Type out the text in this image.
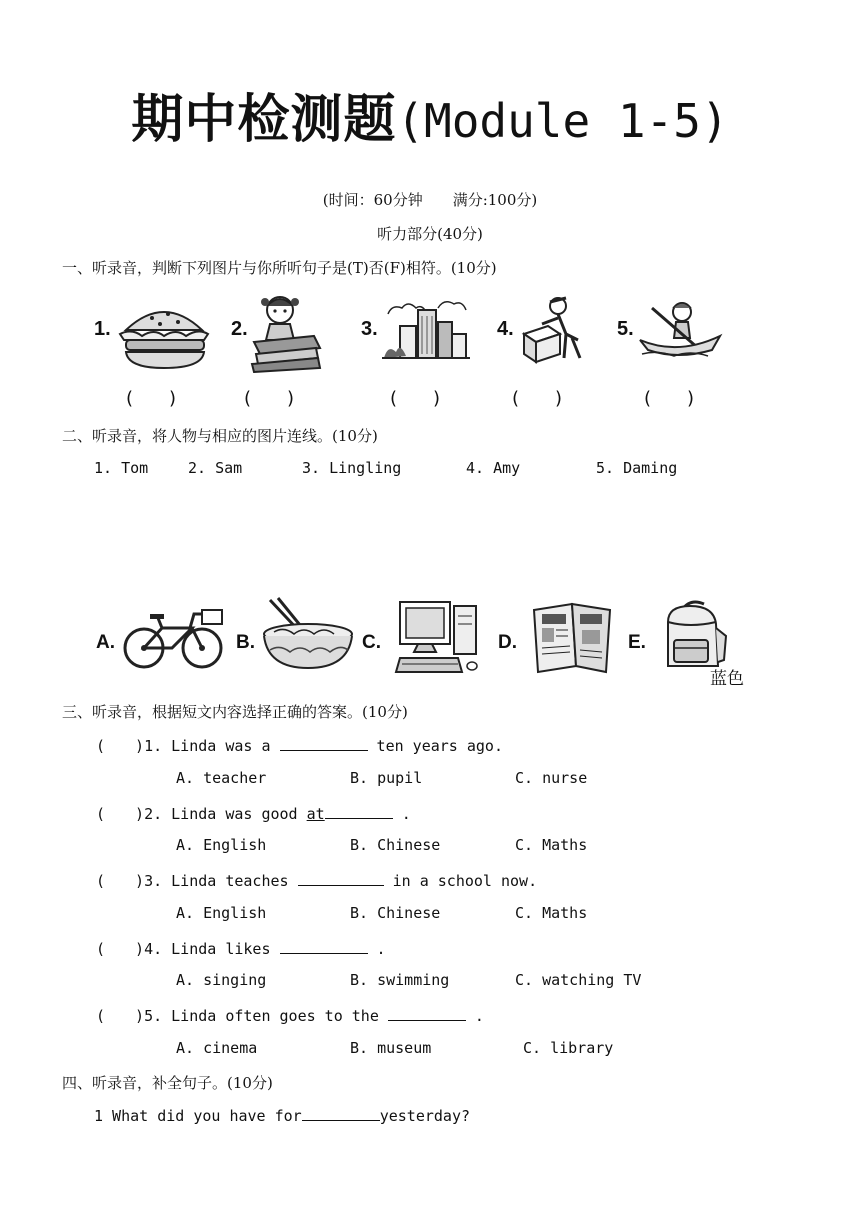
期中检测题(Module 1-5)
(时间：60分钟　　满分:100分)
听力部分(40分)
一、听录音，判断下列图片与你所听句子是(T)否(F)相符。(10分)
1.
(　　)
2.
(　　)
3.
(　　)
4.
(　　)
5.
(　　)
二、听录音，将人物与相应的图片连线。(10分)
1. Tom	2. Sam	3. Lingling	4. Amy	5. Daming
A.	B.	C.	D.	E.
蓝色
三、听录音，根据短文内容选择正确的答案。(10分)
(　　)1. Linda was a	ten years ago.
A. teacher	B. pupil	C. nurse
(　　)2. Linda was good at	.
A. English	B. Chinese	C. Maths
(　　)3. Linda teaches	in a school now.
A. English	B. Chinese	C. Maths
(　　)4. Linda likes	.
A. singing	B. swimming	C. watching TV
(　　)5. Linda often goes to the	.
A. cinema	B. museum	C. library
四、听录音，补全句子。(10分)
1 What did you have for	yesterday?
